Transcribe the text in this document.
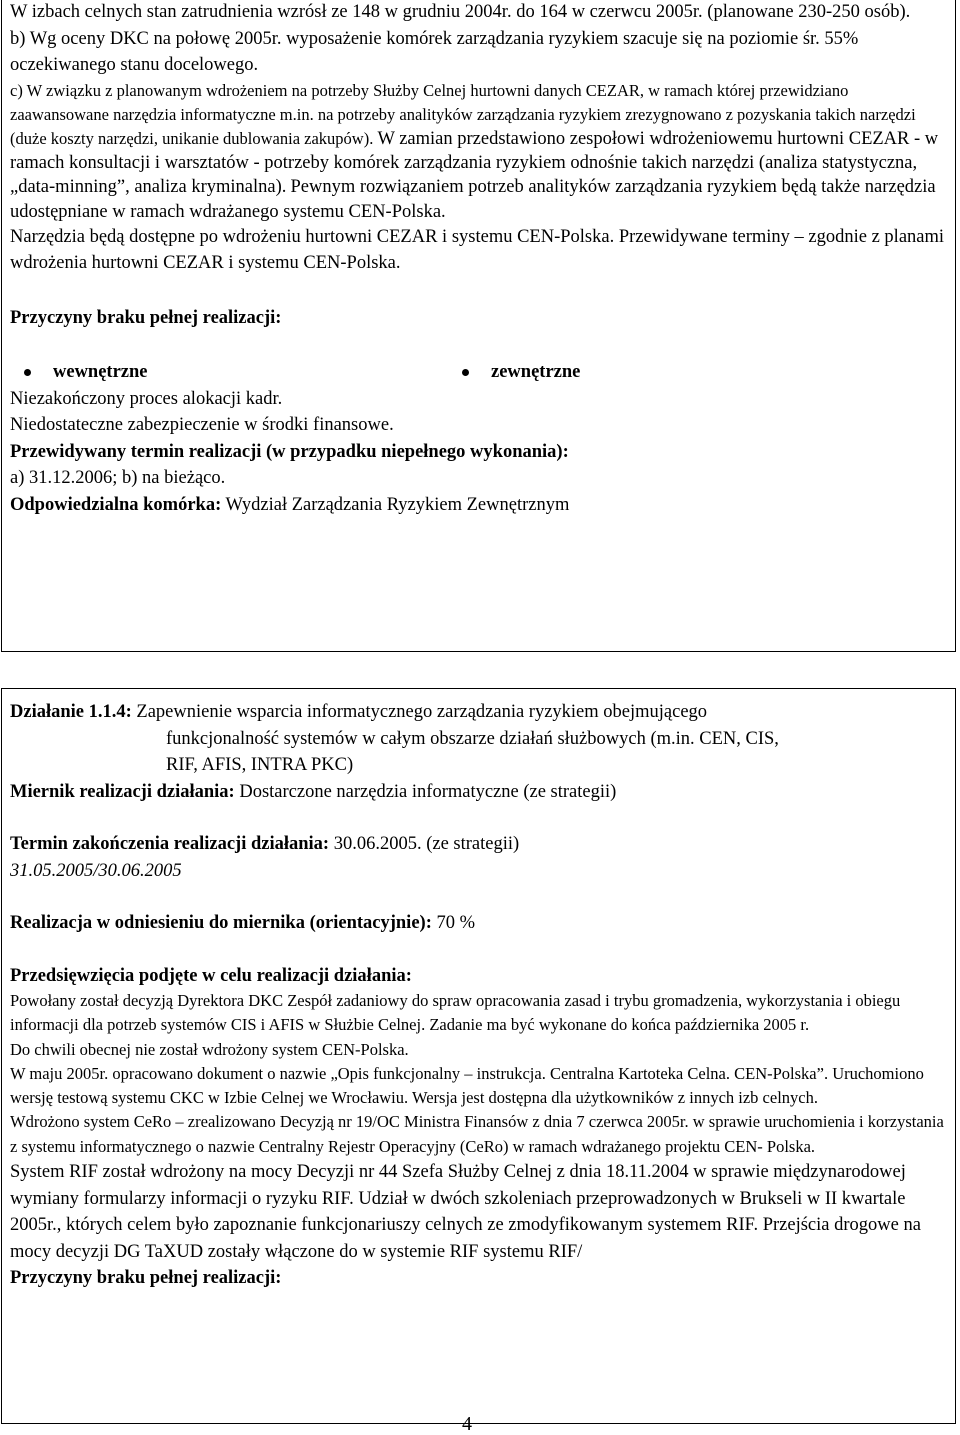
W izbach celnych stan zatrudnienia wzrósł ze 148 w grudniu 2004r. do 164 w czerwcu 2005r. (planowane 230-250 osób).

b) Wg oceny DKC na połowę 2005r. wyposażenie komórek zarządzania ryzykiem szacuje się na poziomie śr. 55% oczekiwanego stanu docelowego.

c) W związku z planowanym wdrożeniem na potrzeby Służby Celnej hurtowni danych CEZAR, w ramach której przewidziano zaawansowane narzędzia informatyczne m.in. na potrzeby analityków zarządzania ryzykiem zrezygnowano z pozyskania takich narzędzi (duże koszty narzędzi, unikanie dublowania zakupów). W zamian przedstawiono zespołowi wdrożeniowemu hurtowni CEZAR - w ramach konsultacji i warsztatów - potrzeby komórek zarządzania ryzykiem odnośnie takich narzędzi (analiza statystyczna, „data-minning”, analiza kryminalna). Pewnym rozwiązaniem potrzeb analityków zarządzania ryzykiem będą także narzędzia udostępniane w ramach wdrażanego systemu CEN-Polska.

Narzędzia będą dostępne po wdrożeniu hurtowni CEZAR i systemu CEN-Polska. Przewidywane terminy – zgodnie z planami wdrożenia hurtowni CEZAR i systemu CEN-Polska.

Przyczyny braku pełnej realizacji:

wewnętrzne

Niezakończony proces alokacji kadr.

Niedostateczne zabezpieczenie w środki finansowe.

zewnętrzne

Przewidywany termin realizacji (w przypadku niepełnego wykonania):

a) 31.12.2006; b) na bieżąco.

Odpowiedzialna komórka: Wydział Zarządzania Ryzykiem Zewnętrznym

Działanie 1.1.4: Zapewnienie wsparcia informatycznego zarządzania ryzykiem obejmującego

funkcjonalność systemów w całym obszarze działań służbowych (m.in. CEN, CIS,

RIF, AFIS, INTRA PKC)

Miernik realizacji działania: Dostarczone narzędzia informatyczne (ze strategii)

Termin zakończenia realizacji działania: 30.06.2005. (ze strategii)

31.05.2005/30.06.2005

Realizacja w odniesieniu do miernika (orientacyjnie): 70 %

Przedsięwzięcia podjęte w celu realizacji działania:

Powołany został decyzją Dyrektora DKC Zespół zadaniowy do spraw opracowania zasad i trybu gromadzenia, wykorzystania i obiegu informacji dla potrzeb systemów CIS i AFIS w Służbie Celnej. Zadanie ma być wykonane do końca października 2005 r.

Do chwili obecnej nie został wdrożony system CEN-Polska.

W maju 2005r. opracowano dokument o nazwie „Opis funkcjonalny – instrukcja. Centralna Kartoteka Celna. CEN-Polska”. Uruchomiono wersję testową systemu CKC w Izbie Celnej we Wrocławiu. Wersja jest dostępna dla użytkowników z innych izb celnych.

Wdrożono system CeRo – zrealizowano Decyzją nr 19/OC Ministra Finansów z dnia 7 czerwca 2005r. w sprawie uruchomienia i korzystania z systemu informatycznego o nazwie Centralny Rejestr Operacyjny (CeRo) w ramach wdrażanego projektu CEN- Polska.

System RIF został wdrożony na mocy Decyzji nr 44 Szefa Służby Celnej z dnia 18.11.2004 w sprawie międzynarodowej wymiany formularzy informacji o ryzyku RIF. Udział w dwóch szkoleniach przeprowadzonych w Brukseli w II kwartale 2005r., których celem było zapoznanie funkcjonariuszy celnych ze zmodyfikowanym systemem RIF. Przejścia drogowe na mocy decyzji DG TaXUD zostały włączone do w systemie RIF systemu RIF/

Przyczyny braku pełnej realizacji:

4
